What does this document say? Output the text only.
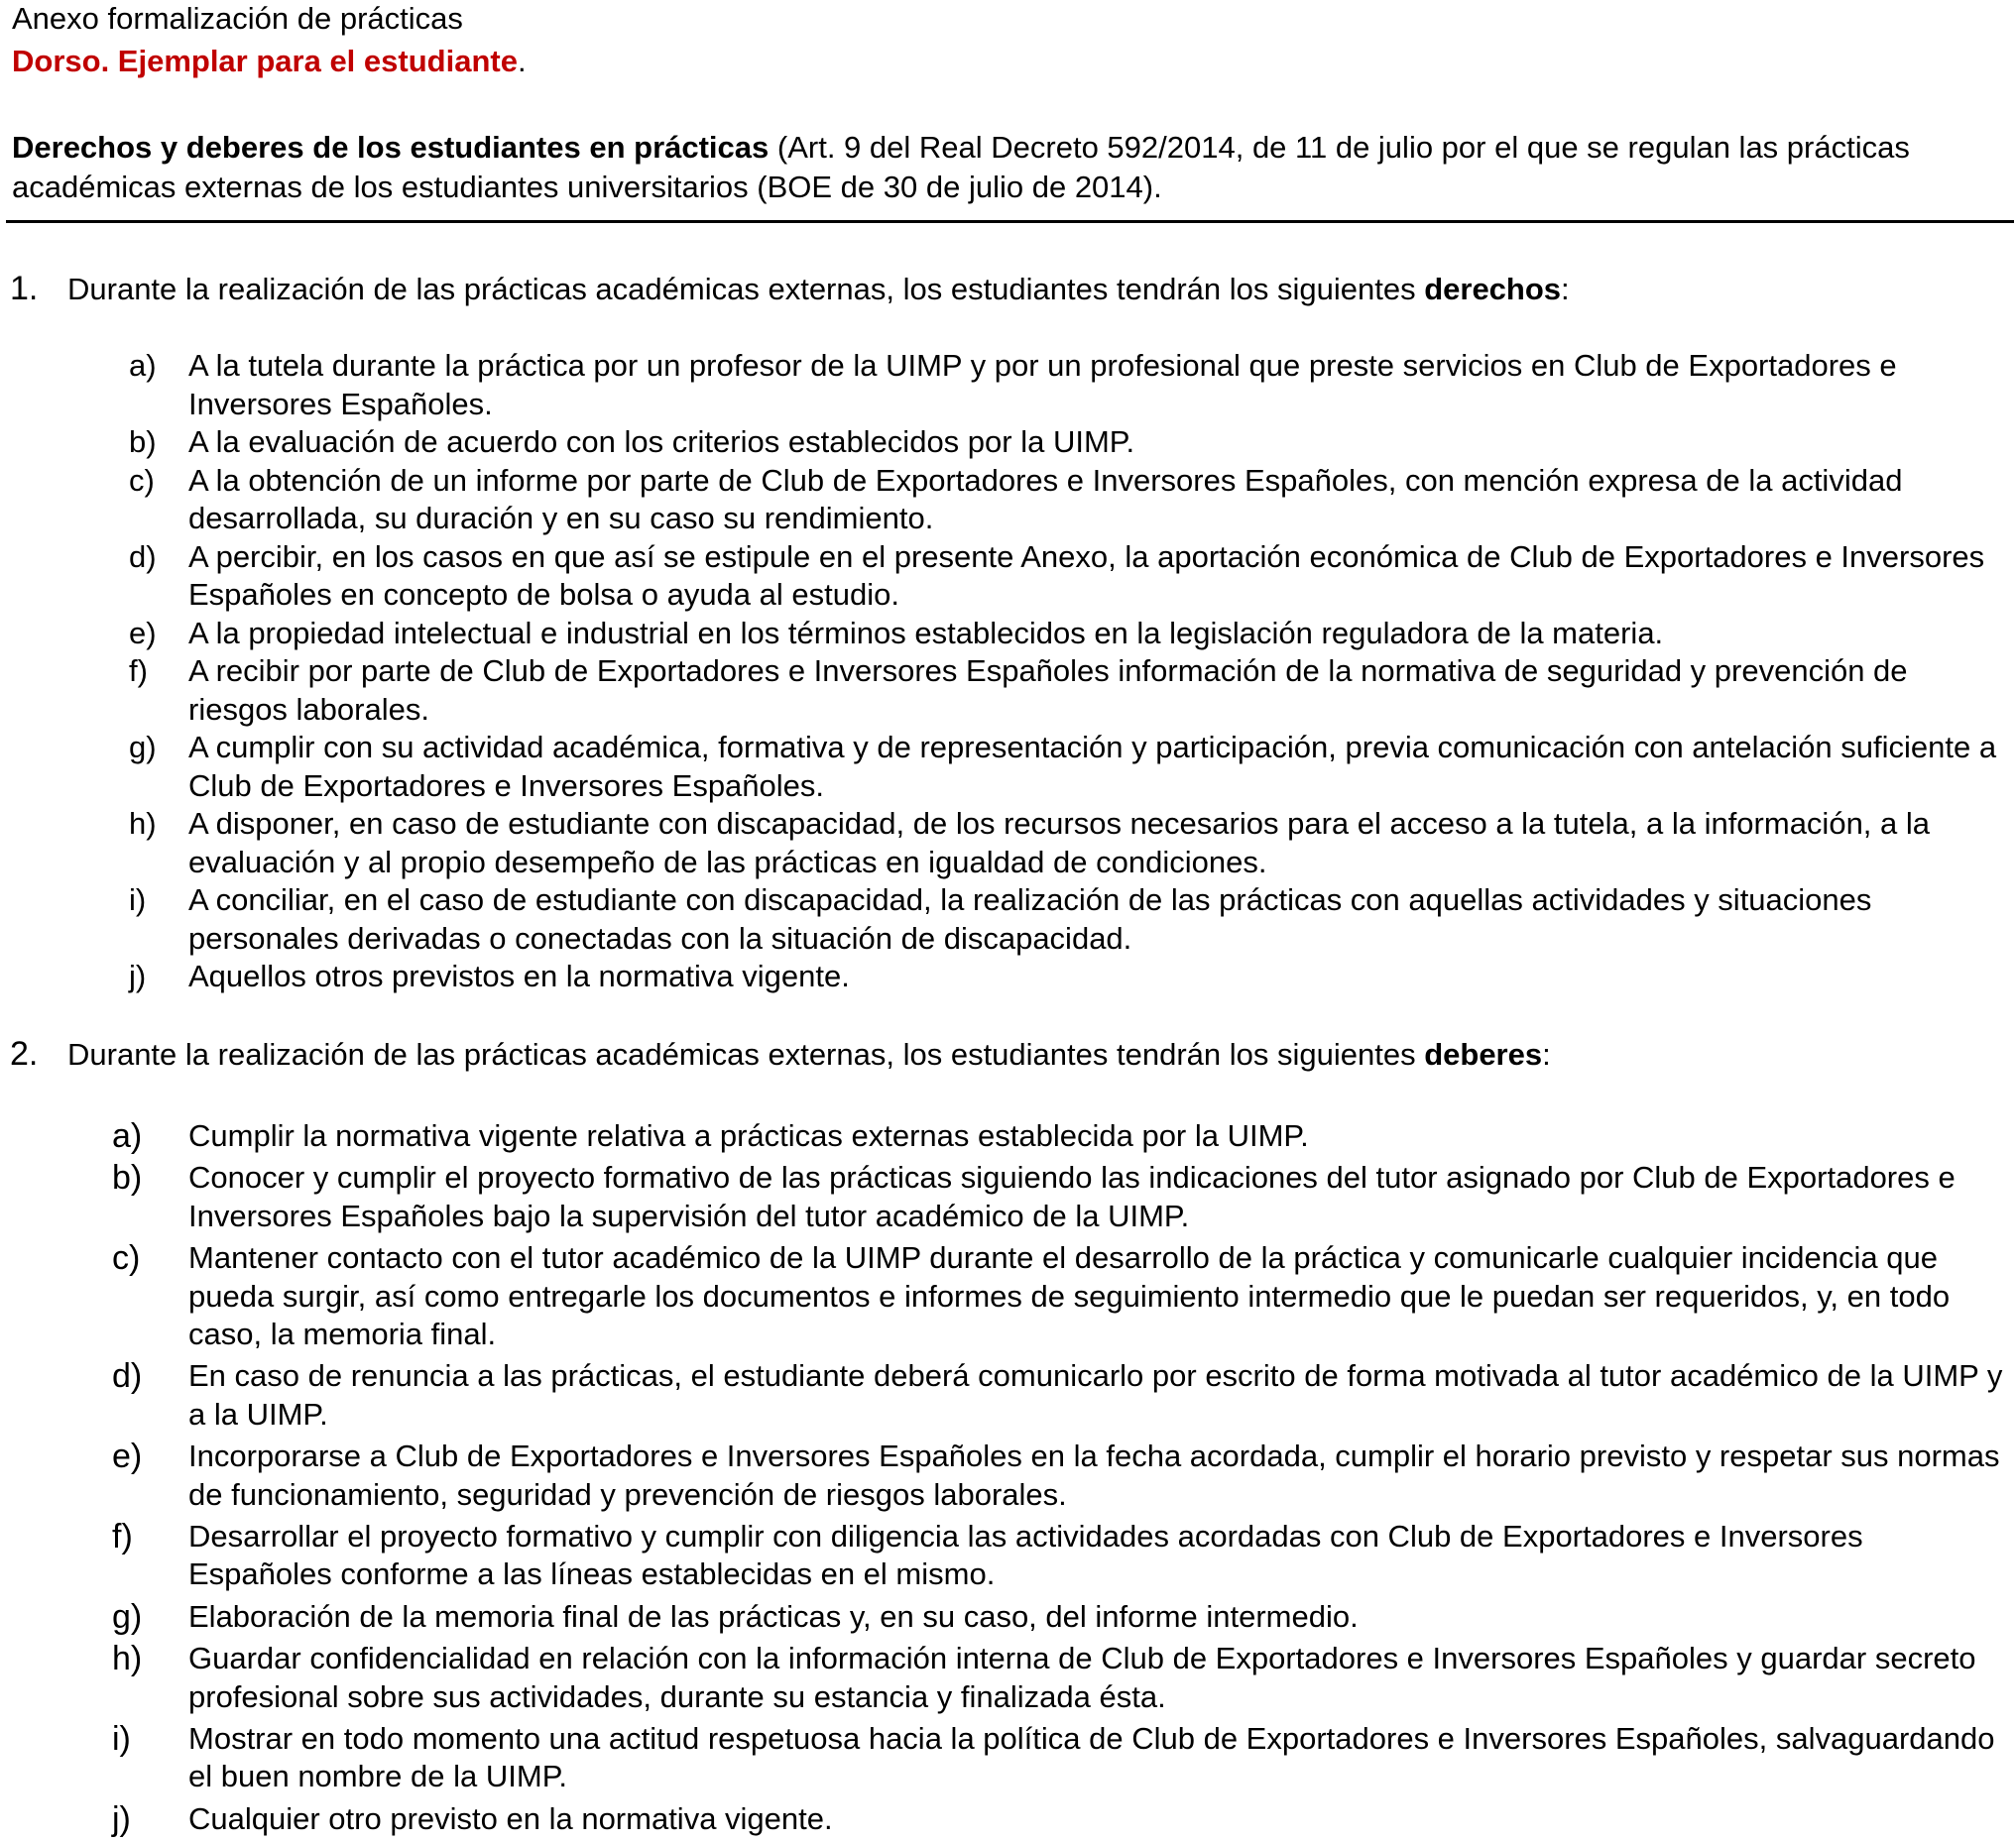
Anexo formalización de prácticas
Dorso. Ejemplar para el estudiante.
Derechos y deberes de los estudiantes en prácticas (Art. 9 del Real Decreto 592/2014, de 11 de julio por el que se regulan las prácticas académicas externas de los estudiantes universitarios (BOE de 30 de julio de 2014).
1. Durante la realización de las prácticas académicas externas, los estudiantes tendrán los siguientes derechos:
a) A la tutela durante la práctica por un profesor de la UIMP y por un profesional que preste servicios en Club de Exportadores e Inversores Españoles.
b) A la evaluación de acuerdo con los criterios establecidos por la UIMP.
c) A la obtención de un informe por parte de Club de Exportadores e Inversores Españoles, con mención expresa de la actividad desarrollada, su duración y en su caso su rendimiento.
d) A percibir, en los casos en que así se estipule en el presente Anexo, la aportación económica de Club de Exportadores e Inversores Españoles en concepto de bolsa o ayuda al estudio.
e) A la propiedad intelectual e industrial en los términos establecidos en la legislación reguladora de la materia.
f) A recibir por parte de Club de Exportadores e Inversores Españoles información de la normativa de seguridad y prevención de riesgos laborales.
g) A cumplir con su actividad académica, formativa y de representación y participación, previa comunicación con antelación suficiente a Club de Exportadores e Inversores Españoles.
h) A disponer, en caso de estudiante con discapacidad, de los recursos necesarios para el acceso a la tutela, a la información, a la evaluación y al propio desempeño de las prácticas en igualdad de condiciones.
i) A conciliar, en el caso de estudiante con discapacidad, la realización de las prácticas con aquellas actividades y situaciones personales derivadas o conectadas con la situación de discapacidad.
j) Aquellos otros previstos en la normativa vigente.
2. Durante la realización de las prácticas académicas externas, los estudiantes tendrán los siguientes deberes:
a) Cumplir la normativa vigente relativa a prácticas externas establecida por la UIMP.
b) Conocer y cumplir el proyecto formativo de las prácticas siguiendo las indicaciones del tutor asignado por Club de Exportadores e Inversores Españoles bajo la supervisión del tutor académico de la UIMP.
c) Mantener contacto con el tutor académico de la UIMP durante el desarrollo de la práctica y comunicarle cualquier incidencia que pueda surgir, así como entregarle los documentos e informes de seguimiento intermedio que le puedan ser requeridos, y, en todo caso, la memoria final.
d) En caso de renuncia a las prácticas, el estudiante deberá comunicarlo por escrito de forma motivada al tutor académico de la UIMP y a la UIMP.
e) Incorporarse a Club de Exportadores e Inversores Españoles en la fecha acordada, cumplir el horario previsto y respetar sus normas de funcionamiento, seguridad y prevención de riesgos laborales.
f) Desarrollar el proyecto formativo y cumplir con diligencia las actividades acordadas con Club de Exportadores e Inversores Españoles conforme a las líneas establecidas en el mismo.
g) Elaboración de la memoria final de las prácticas y, en su caso, del informe intermedio.
h) Guardar confidencialidad en relación con la información interna de Club de Exportadores e Inversores Españoles y guardar secreto profesional sobre sus actividades, durante su estancia y finalizada ésta.
i) Mostrar en todo momento una actitud respetuosa hacia la política de Club de Exportadores e Inversores Españoles, salvaguardando el buen nombre de la UIMP.
j) Cualquier otro previsto en la normativa vigente.
